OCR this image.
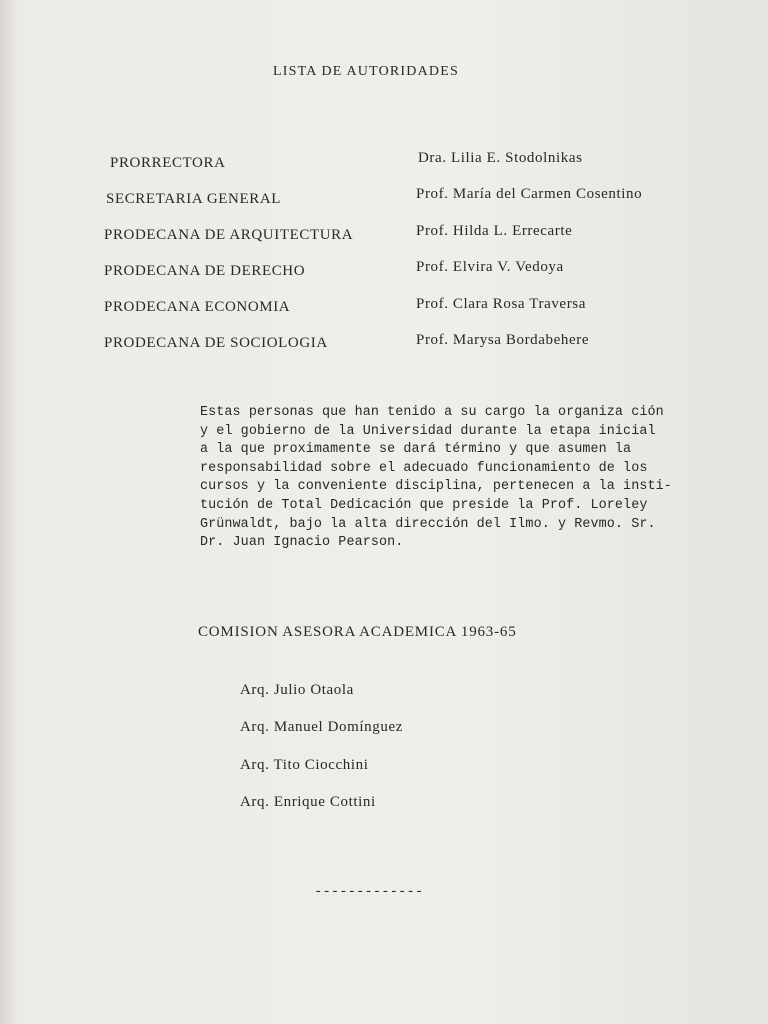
LISTA DE AUTORIDADES
PRORRECTORA	Dra. Lilia E. Stodolnikas
SECRETARIA GENERAL	Prof. María del Carmen Cosentino
PRODECANA DE ARQUITECTURA	Prof. Hilda L. Errecarte
PRODECANA DE DERECHO	Prof. Elvira V. Vedoya
PRODECANA ECONOMIA	Prof. Clara Rosa Traversa
PRODECANA DE SOCIOLOGIA	Prof. Marysa Bordabehere
Estas personas que han tenido a su cargo la organiza ción
y el gobierno de la Universidad durante la etapa inicial
a la que proximamente se dará término y que asumen la
responsabilidad sobre el adecuado funcionamiento de los
cursos y la conveniente disciplina, pertenecen a la insti-
tución de Total Dedicación que preside la Prof. Loreley
Grünwaldt, bajo la alta dirección del Ilmo. y Revmo. Sr.
Dr. Juan Ignacio Pearson.
COMISION ASESORA ACADEMICA 1963-65
Arq. Julio Otaola
Arq. Manuel Domínguez
Arq. Tito Ciocchini
Arq. Enrique Cottini
-------------
